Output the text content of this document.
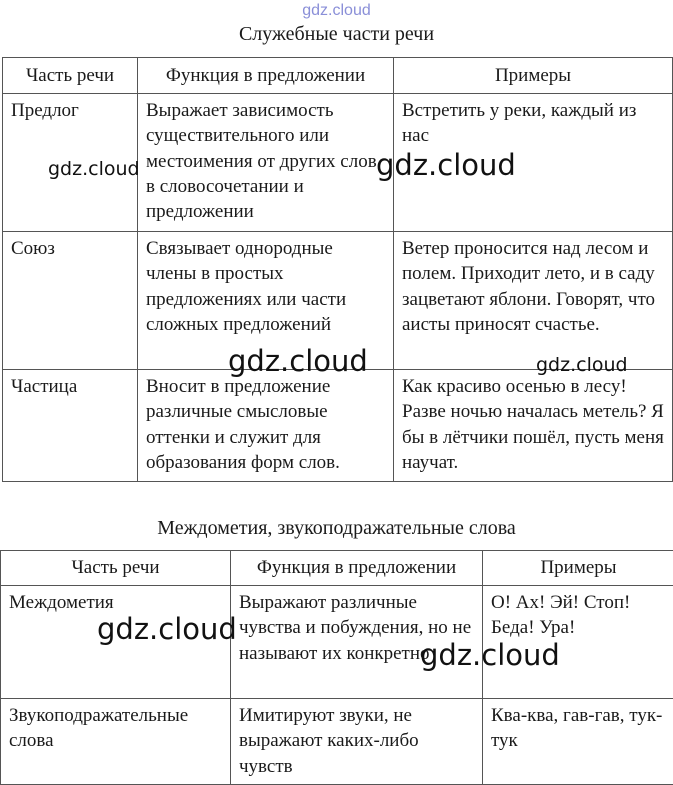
gdz.cloud
Служебные части речи
Часть речи	Функция в предложении	Примеры
Предлог	Выражает зависимость существительного или местоимения от других слов в словосочетании и предложении	Встретить у реки, каждый из нас
Союз	Связывает однородные члены в простых предложениях или части сложных предложений	Ветер проносится над лесом и полем. Приходит лето, и в саду зацветают яблони. Говорят, что аисты приносят счастье.
Частица	Вносит в предложение различные смысловые оттенки и служит для образования форм слов.	Как красиво осенью в лесу! Разве ночью началась метель? Я бы в лётчики пошёл, пусть меня научат.
Междометия, звукоподражательные слова
Часть речи	Функция в предложении	Примеры
Междометия	Выражают различные чувства и побуждения, но не называют их конкретно	О! Ах! Эй! Стоп! Беда! Ура!
Звукоподражательные слова	Имитируют звуки, не выражают каких-либо чувств	Ква-ква, гав-гав, тук-тук
gdz.cloud	gdz.cloud
gdz.cloud	gdz.cloud
gdz.cloud
gdz.cloud
